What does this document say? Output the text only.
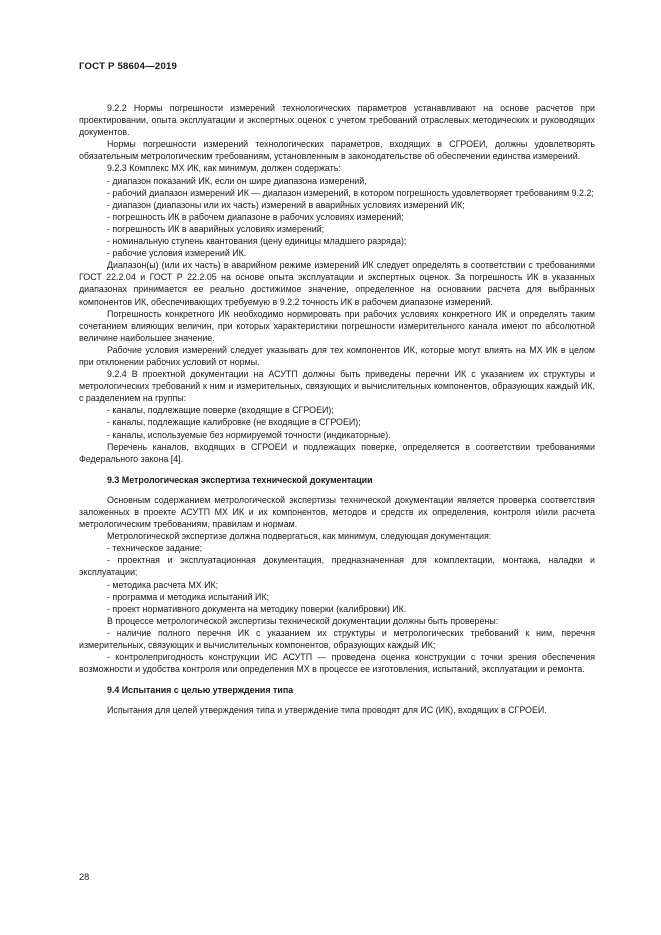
ГОСТ Р 58604—2019

9.2.2 Нормы погрешности измерений технологических параметров устанавливают на основе расчетов при проектировании, опыта эксплуатации и экспертных оценок с учетом требований отраслевых методических и руководящих документов.

Нормы погрешности измерений технологических параметров, входящих в СГРОЕИ, должны удовлетворять обязательным метрологическим требованиям, установленным в законодательстве об обеспечении единства измерений.

9.2.3 Комплекс МХ ИК, как минимум, должен содержать:

- диапазон показаний ИК, если он шире диапазона измерений,

- рабочий диапазон измерений ИК — диапазон измерений, в котором погрешность удовлетворяет требованиям 9.2.2;

- диапазон (диапазоны или их часть) измерений в аварийных условиях измерений ИК;

- погрешность ИК в рабочем диапазоне в рабочих условиях измерений;

- погрешность ИК в аварийных условиях измерений;

- номинальную ступень квантования (цену единицы младшего разряда);

- рабочие условия измерений ИК.

Диапазон(ы) (или их часть) в аварийном режиме измерений ИК следует определять в соответствии с требованиями ГОСТ 22.2.04 и ГОСТ Р 22.2.05 на основе опыта эксплуатации и экспертных оценок. За погрешность ИК в указанных диапазонах принимается ее реально достижимое значение, определенное на основании расчета для выбранных компонентов ИК, обеспечивающих требуемую в 9.2.2 точность ИК в рабочем диапазоне измерений.

Погрешность конкретного ИК необходимо нормировать при рабочих условиях конкретного ИК и определять таким сочетанием влияющих величин, при которых характеристики погрешности измерительного канала имеют по абсолютной величине наибольшее значение.

Рабочие условия измерений следует указывать для тех компонентов ИК, которые могут влиять на МХ ИК в целом при отклонении рабочих условий от нормы.

9.2.4 В проектной документации на АСУТП должны быть приведены перечни ИК с указанием их структуры и метрологических требований к ним и измерительных, связующих и вычислительных компонентов, образующих каждый ИК, с разделением на группы:

- каналы, подлежащие поверке (входящие в СГРОЕИ);

- каналы, подлежащие калибровке (не входящие в СГРОЕИ);

- каналы, используемые без нормируемой точности (индикаторные).

Перечень каналов, входящих в СГРОЕИ и подлежащих поверке, определяется в соответствии требованиями Федерального закона [4].

9.3 Метрологическая экспертиза технической документации

Основным содержанием метрологической экспертизы технической документации является проверка соответствия заложенных в проекте АСУТП МХ ИК и их компонентов, методов и средств их определения, контроля и/или расчета метрологическим требованиям, правилам и нормам.

Метрологической экспертизе должна подвергаться, как минимум, следующая документация:

- техническое задание;

- проектная и эксплуатационная документация, предназначенная для комплектации, монтажа, наладки и эксплуатации;

- методика расчета МХ ИК;

- программа и методика испытаний ИК;

- проект нормативного документа на методику поверки (калибровки) ИК.

В процессе метрологической экспертизы технической документации должны быть проверены:

- наличие полного перечня ИК с указанием их структуры и метрологических требований к ним, перечня измерительных, связующих и вычислительных компонентов, образующих каждый ИК;

- контролепригодность конструкции ИС АСУТП — проведена оценка конструкции с точки зрения обеспечения возможности и удобства контроля или определения МХ в процессе ее изготовления, испытаний, эксплуатации и ремонта.

9.4 Испытания с целью утверждения типа

Испытания для целей утверждения типа и утверждение типа проводят для ИС (ИК), входящих в СГРОЕИ.

28
